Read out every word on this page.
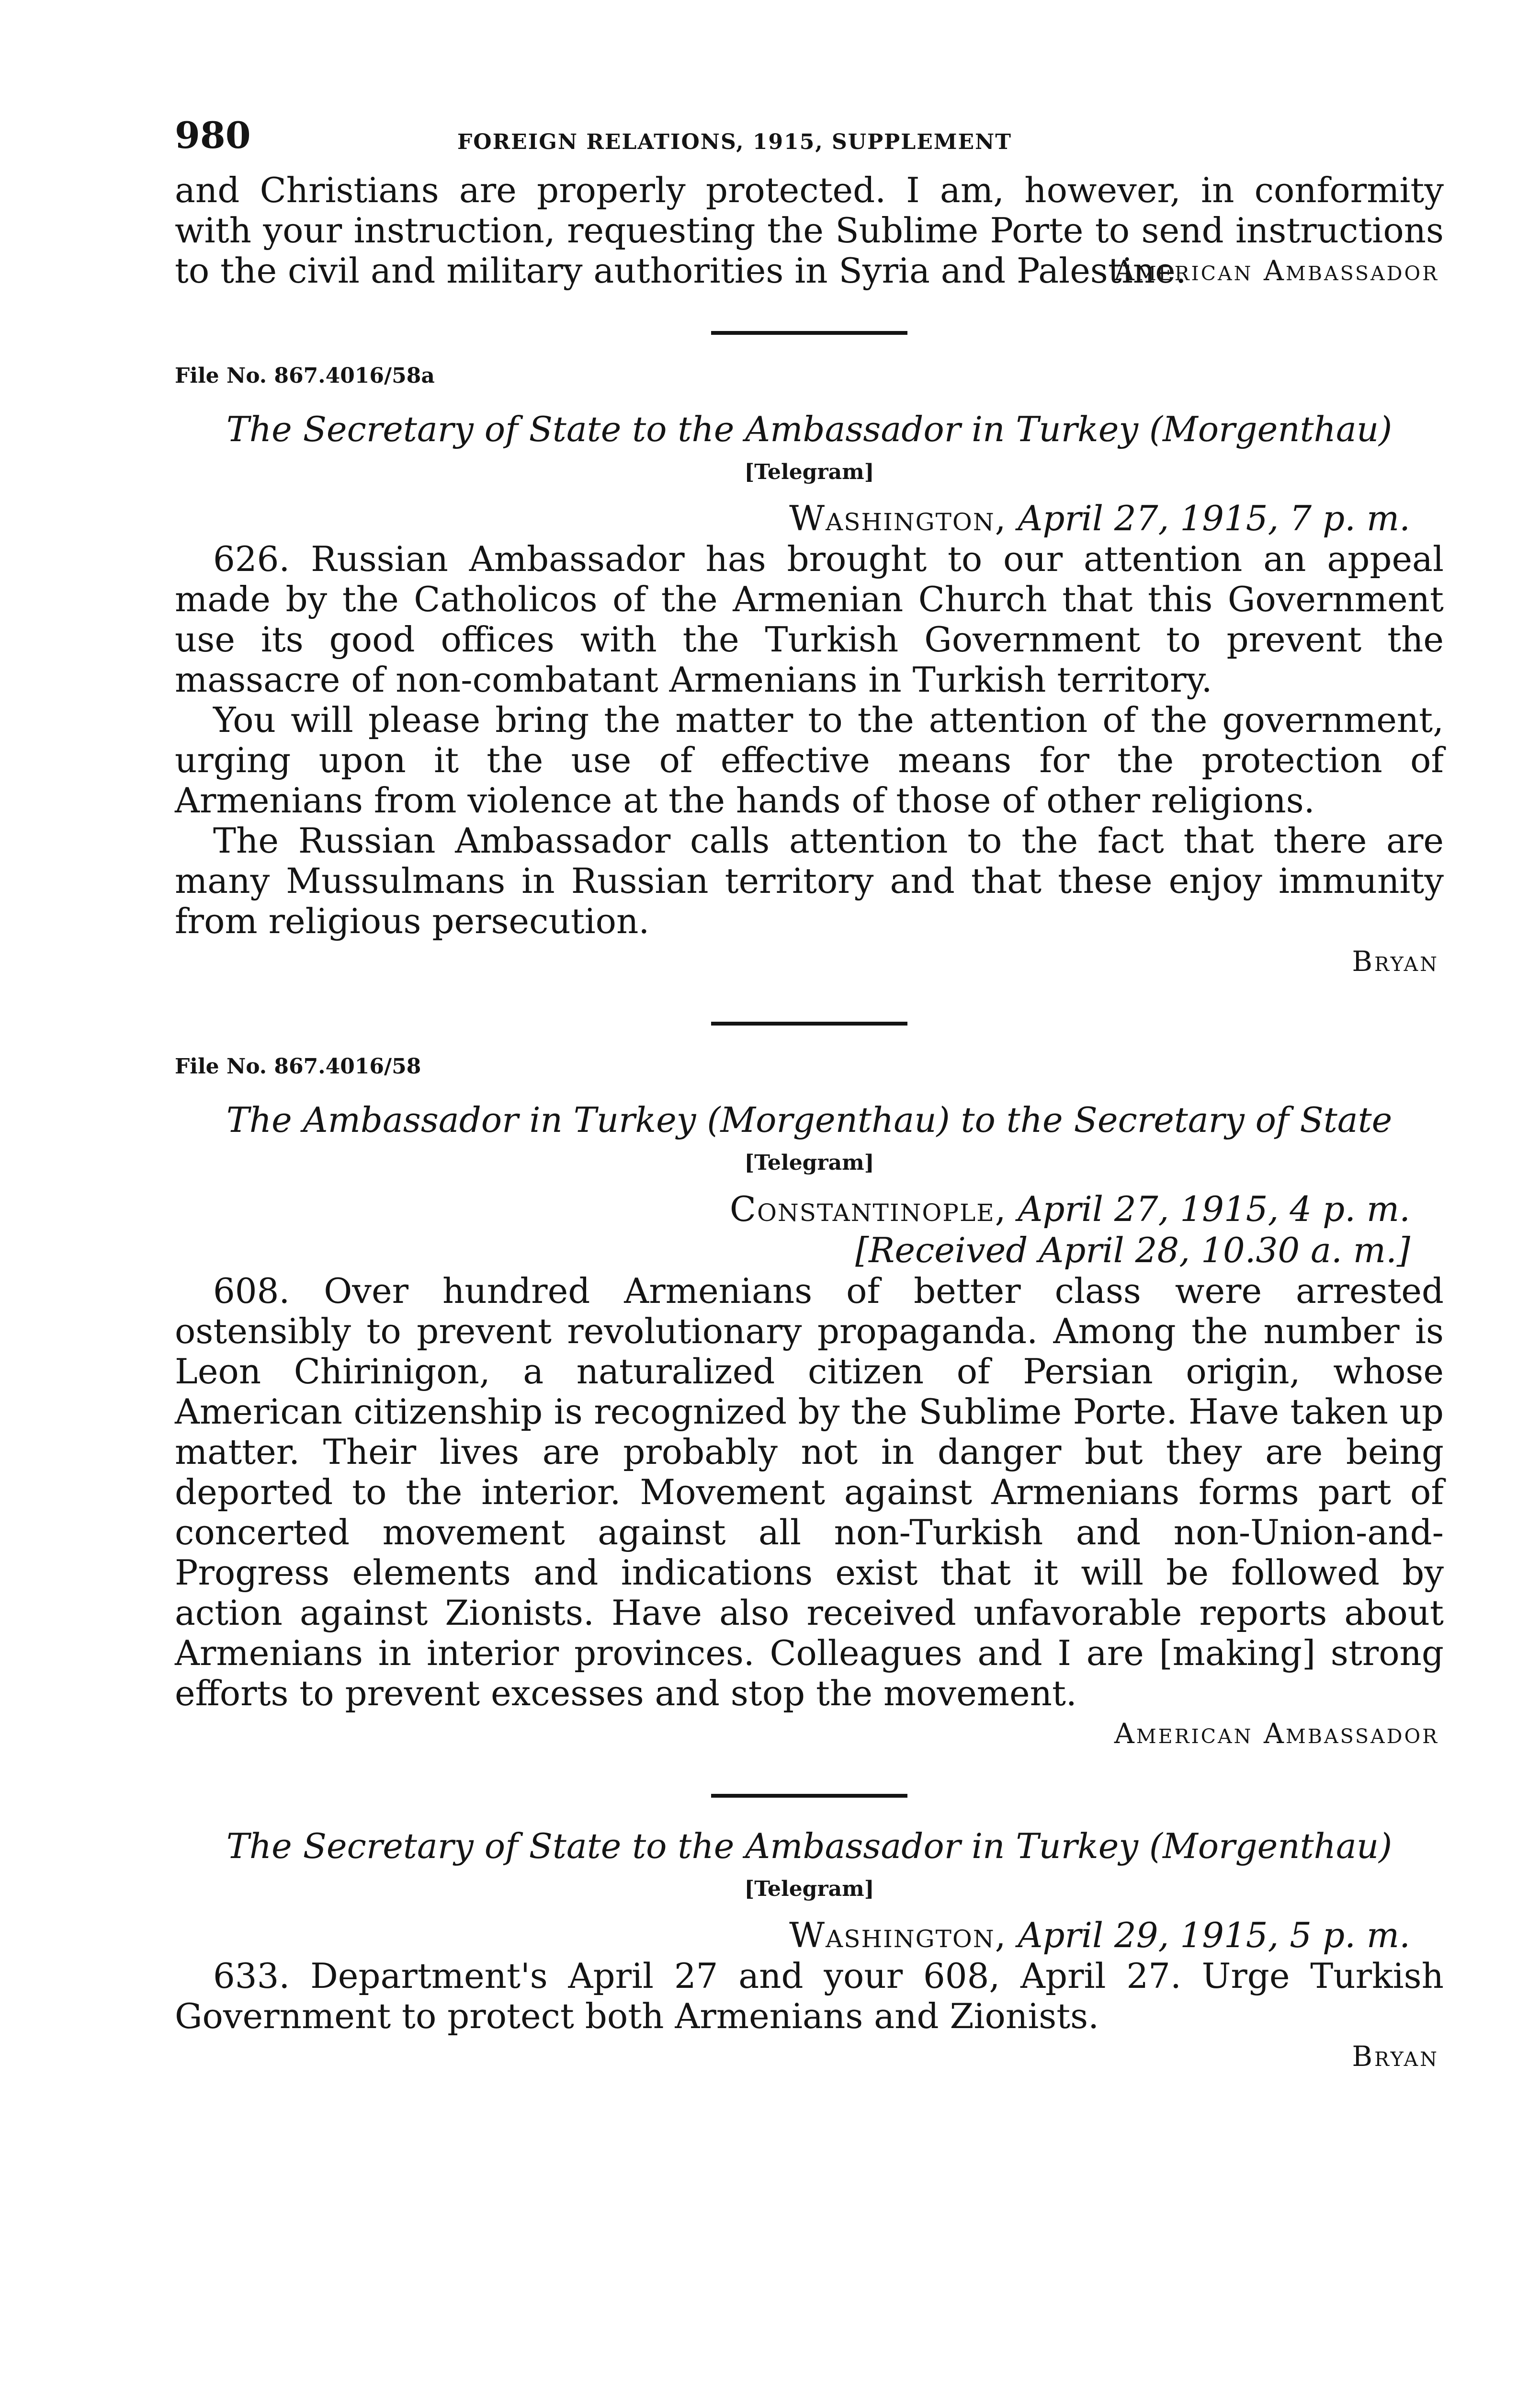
980	FOREIGN RELATIONS, 1915, SUPPLEMENT

and Christians are properly protected. I am, however, in conformity with your instruction, requesting the Sublime Porte to send instructions to the civil and military authorities in Syria and Palestine.

American Ambassador
File No. 867.4016/58a
The Secretary of State to the Ambassador in Turkey (Morgenthau)
[Telegram]
Washington, April 27, 1915, 7 p. m.

626. Russian Ambassador has brought to our attention an appeal made by the Catholicos of the Armenian Church that this Government use its good offices with the Turkish Government to prevent the massacre of non-combatant Armenians in Turkish territory.

You will please bring the matter to the attention of the government, urging upon it the use of effective means for the protection of Armenians from violence at the hands of those of other religions.

The Russian Ambassador calls attention to the fact that there are many Mussulmans in Russian territory and that these enjoy immunity from religious persecution.

Bryan
File No. 867.4016/58
The Ambassador in Turkey (Morgenthau) to the Secretary of State
[Telegram]
Constantinople, April 27, 1915, 4 p. m.
[Received April 28, 10.30 a. m.]

608. Over hundred Armenians of better class were arrested ostensibly to prevent revolutionary propaganda. Among the number is Leon Chirinigon, a naturalized citizen of Persian origin, whose American citizenship is recognized by the Sublime Porte. Have taken up matter. Their lives are probably not in danger but they are being deported to the interior. Movement against Armenians forms part of concerted movement against all non-Turkish and non-Union-and-Progress elements and indications exist that it will be followed by action against Zionists. Have also received unfavorable reports about Armenians in interior provinces. Colleagues and I are [making] strong efforts to prevent excesses and stop the movement.

American Ambassador
The Secretary of State to the Ambassador in Turkey (Morgenthau)
[Telegram]
Washington, April 29, 1915, 5 p. m.

633. Department's April 27 and your 608, April 27. Urge Turkish Government to protect both Armenians and Zionists.

Bryan
